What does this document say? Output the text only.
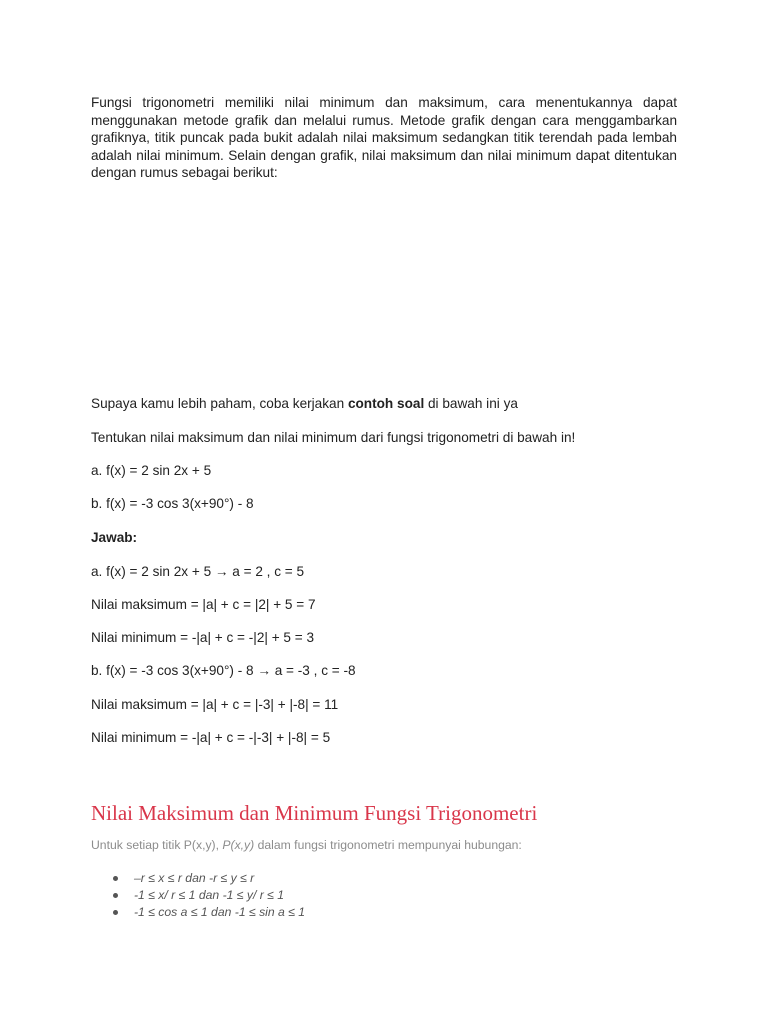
Fungsi trigonometri memiliki nilai minimum dan maksimum, cara menentukannya dapat menggunakan metode grafik dan melalui rumus. Metode grafik dengan cara menggambarkan grafiknya, titik puncak pada bukit adalah nilai maksimum sedangkan titik terendah pada lembah adalah nilai minimum. Selain dengan grafik, nilai maksimum dan nilai minimum dapat ditentukan dengan rumus sebagai berikut:
Supaya kamu lebih paham, coba kerjakan contoh soal di bawah ini ya
Tentukan nilai maksimum dan nilai minimum dari fungsi trigonometri di bawah in!
a. f(x) = 2 sin 2x + 5
b. f(x) = -3 cos 3(x+90°) - 8
Jawab:
a. f(x) = 2 sin 2x + 5 → a = 2 , c = 5
Nilai maksimum = |a| + c = |2| + 5 = 7
Nilai minimum = -|a| + c = -|2| + 5 = 3
b. f(x) = -3 cos 3(x+90°) - 8 → a = -3 , c = -8
Nilai maksimum = |a| + c = |-3| + |-8| = 11
Nilai minimum = -|a| + c = -|-3| + |-8| = 5
Nilai Maksimum dan Minimum Fungsi Trigonometri
Untuk setiap titik P(x,y), P(x,y) dalam fungsi trigonometri mempunyai hubungan:
–r ≤ x ≤ r dan -r ≤ y ≤ r
-1 ≤ x/ r ≤ 1 dan -1 ≤ y/ r ≤ 1
-1 ≤ cos a ≤ 1 dan -1 ≤ sin a ≤ 1
